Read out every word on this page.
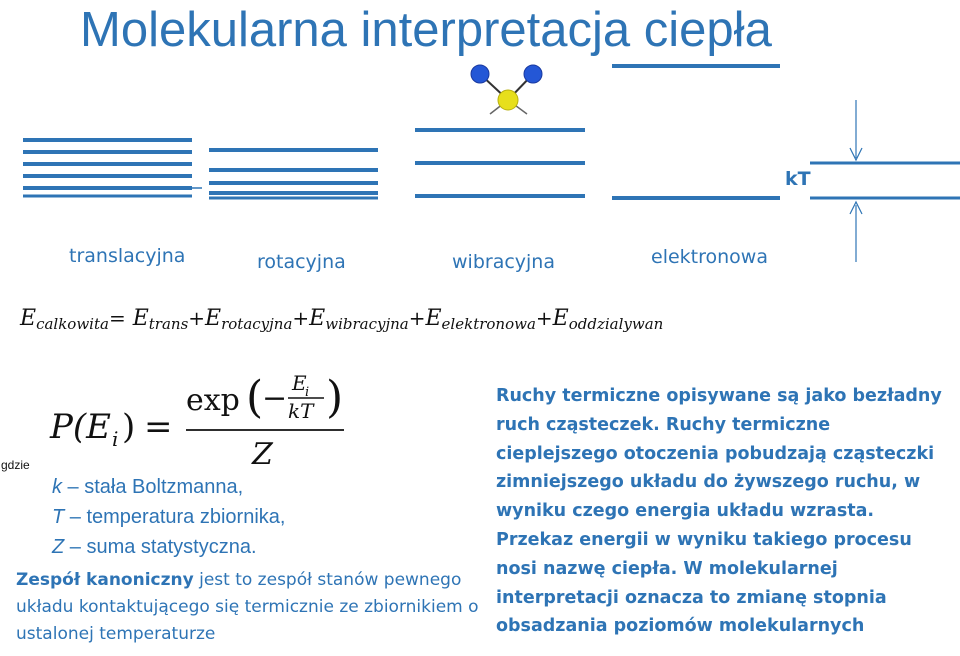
Molekularna interpretacja ciepła
translacyjna	rotacyjna	wibracyjna	elektronowa
kT
$E_{calkowita}= E_{trans}+E_{rotacyjna}+E_{wibracyjna}+E_{elektronowa}+E_{oddzialywan}$
gdzie
P(E i ) =
exp (
− E
i
kT )
Z
k – stała Boltzmanna,
T – temperatura zbiornika,
Z – suma statystyczna.
Zespół kanoniczny jest to zespół stanów pewnego układu kontaktującego się termicznie ze zbiornikiem o ustalonej temperaturze
Ruchy termiczne opisywane są jako bezładny ruch cząsteczek. Ruchy termiczne cieplejszego otoczenia pobudzają cząsteczki zimniejszego układu do żywszego ruchu, w wyniku czego energia układu wzrasta. Przekaz energii w wyniku takiego procesu nosi nazwę ciepła. W molekularnej interpretacji oznacza to zmianę stopnia obsadzania poziomów molekularnych
